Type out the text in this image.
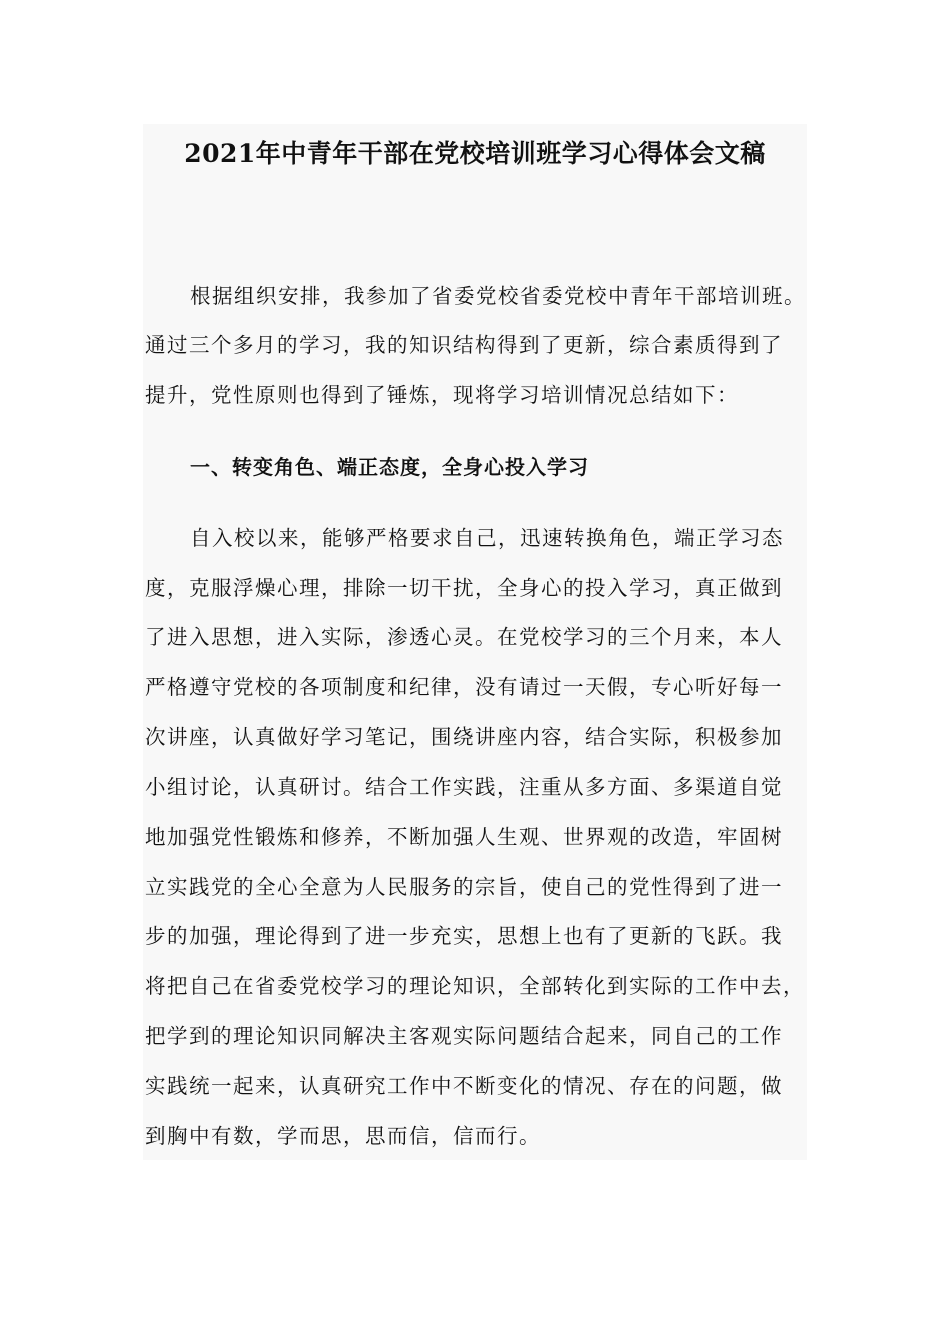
2021年中青年干部在党校培训班学习心得体会文稿
根据组织安排，我参加了省委党校省委党校中青年干部培训班。
通过三个多月的学习，我的知识结构得到了更新，综合素质得到了
提升，党性原则也得到了锤炼，现将学习培训情况总结如下：
一、转变角色、端正态度，全身心投入学习
自入校以来，能够严格要求自己，迅速转换角色，端正学习态
度，克服浮燥心理，排除一切干扰，全身心的投入学习，真正做到
了进入思想，进入实际，渗透心灵。在党校学习的三个月来，本人
严格遵守党校的各项制度和纪律，没有请过一天假，专心听好每一
次讲座，认真做好学习笔记，围绕讲座内容，结合实际，积极参加
小组讨论，认真研讨。结合工作实践，注重从多方面、多渠道自觉
地加强党性锻炼和修养，不断加强人生观、世界观的改造，牢固树
立实践党的全心全意为人民服务的宗旨，使自己的党性得到了进一
步的加强，理论得到了进一步充实，思想上也有了更新的飞跃。我
将把自己在省委党校学习的理论知识，全部转化到实际的工作中去，
把学到的理论知识同解决主客观实际问题结合起来，同自己的工作
实践统一起来，认真研究工作中不断变化的情况、存在的问题，做
到胸中有数，学而思，思而信，信而行。
